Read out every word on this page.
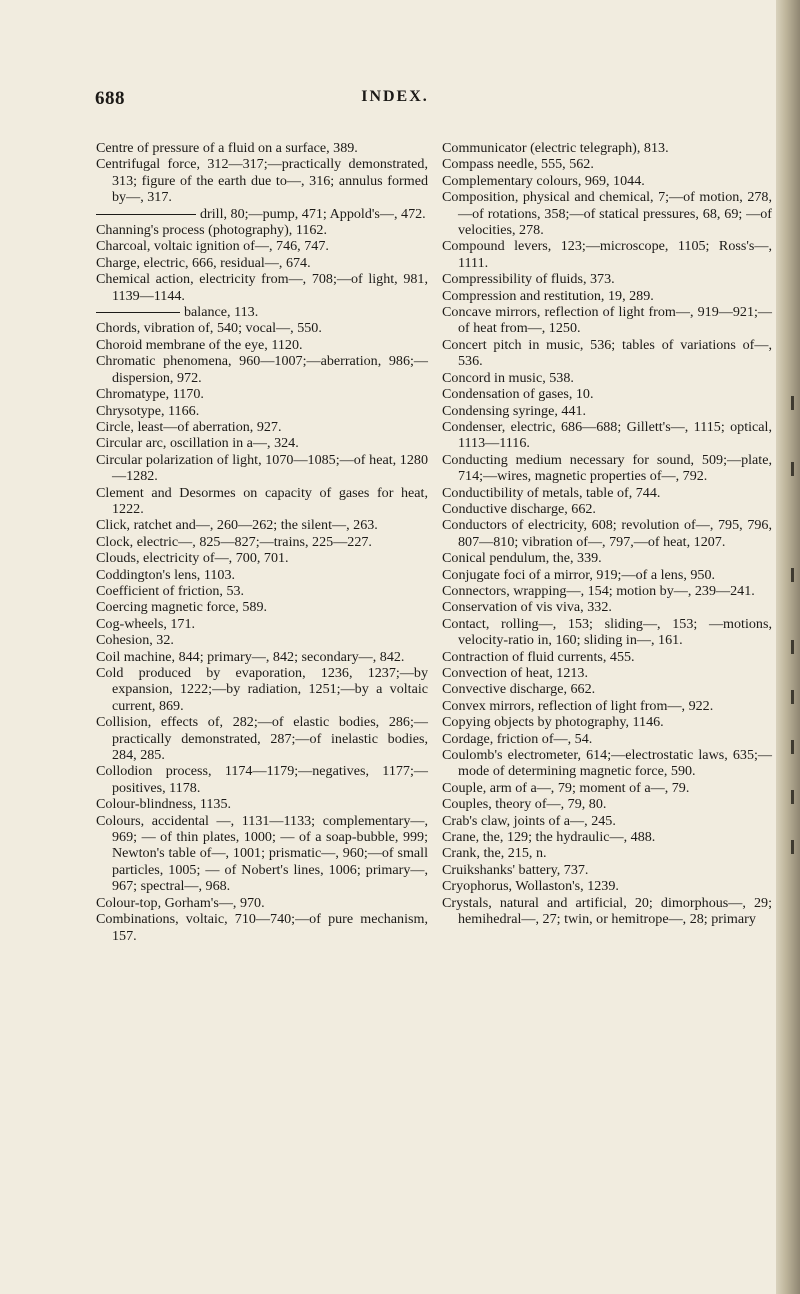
688	INDEX.

Centre of pressure of a fluid on a surface, 389.

Centrifugal force, 312—317;—practically demonstrated, 313; figure of the earth due to—, 316; annulus formed by—, 317.

drill, 80;—pump, 471; Appold's—, 472.

Channing's process (photography), 1162.

Charcoal, voltaic ignition of—, 746, 747.

Charge, electric, 666, residual—, 674.

Chemical action, electricity from—, 708;—of light, 981, 1139—1144.

balance, 113.

Chords, vibration of, 540; vocal—, 550.

Choroid membrane of the eye, 1120.

Chromatic phenomena, 960—1007;—aberration, 986;—dispersion, 972.

Chromatype, 1170.

Chrysotype, 1166.

Circle, least—of aberration, 927.

Circular arc, oscillation in a—, 324.

Circular polarization of light, 1070—1085;—of heat, 1280—1282.

Clement and Desormes on capacity of gases for heat, 1222.

Click, ratchet and—, 260—262; the silent—, 263.

Clock, electric—, 825—827;—trains, 225—227.

Clouds, electricity of—, 700, 701.

Coddington's lens, 1103.

Coefficient of friction, 53.

Coercing magnetic force, 589.

Cog-wheels, 171.

Cohesion, 32.

Coil machine, 844; primary—, 842; secondary—, 842.

Cold produced by evaporation, 1236, 1237;—by expansion, 1222;—by radiation, 1251;—by a voltaic current, 869.

Collision, effects of, 282;—of elastic bodies, 286;—practically demonstrated, 287;—of inelastic bodies, 284, 285.

Collodion process, 1174—1179;—negatives, 1177;—positives, 1178.

Colour-blindness, 1135.

Colours, accidental —, 1131—1133; complementary—, 969; — of thin plates, 1000; — of a soap-bubble, 999; Newton's table of—, 1001; prismatic—, 960;—of small particles, 1005; — of Nobert's lines, 1006; primary—, 967; spectral—, 968.

Colour-top, Gorham's—, 970.

Combinations, voltaic, 710—740;—of pure mechanism, 157.

Communicator (electric telegraph), 813.

Compass needle, 555, 562.

Complementary colours, 969, 1044.

Composition, physical and chemical, 7;—of motion, 278,—of rotations, 358;—of statical pressures, 68, 69; —of velocities, 278.

Compound levers, 123;—microscope, 1105; Ross's—, 1111.

Compressibility of fluids, 373.

Compression and restitution, 19, 289.

Concave mirrors, reflection of light from—, 919—921;—of heat from—, 1250.

Concert pitch in music, 536; tables of variations of—, 536.

Concord in music, 538.

Condensation of gases, 10.

Condensing syringe, 441.

Condenser, electric, 686—688; Gillett's—, 1115; optical, 1113—1116.

Conducting medium necessary for sound, 509;—plate, 714;—wires, magnetic properties of—, 792.

Conductibility of metals, table of, 744.

Conductive discharge, 662.

Conductors of electricity, 608; revolution of—, 795, 796, 807—810; vibration of—, 797,—of heat, 1207.

Conical pendulum, the, 339.

Conjugate foci of a mirror, 919;—of a lens, 950.

Connectors, wrapping—, 154; motion by—, 239—241.

Conservation of vis viva, 332.

Contact, rolling—, 153; sliding—, 153; —motions, velocity-ratio in, 160; sliding in—, 161.

Contraction of fluid currents, 455.

Convection of heat, 1213.

Convective discharge, 662.

Convex mirrors, reflection of light from—, 922.

Copying objects by photography, 1146.

Cordage, friction of—, 54.

Coulomb's electrometer, 614;—electrostatic laws, 635;—mode of determining magnetic force, 590.

Couple, arm of a—, 79; moment of a—, 79.

Couples, theory of—, 79, 80.

Crab's claw, joints of a—, 245.

Crane, the, 129; the hydraulic—, 488.

Crank, the, 215, n.

Cruikshanks' battery, 737.

Cryophorus, Wollaston's, 1239.

Crystals, natural and artificial, 20; dimorphous—, 29; hemihedral—, 27; twin, or hemitrope—, 28; primary
